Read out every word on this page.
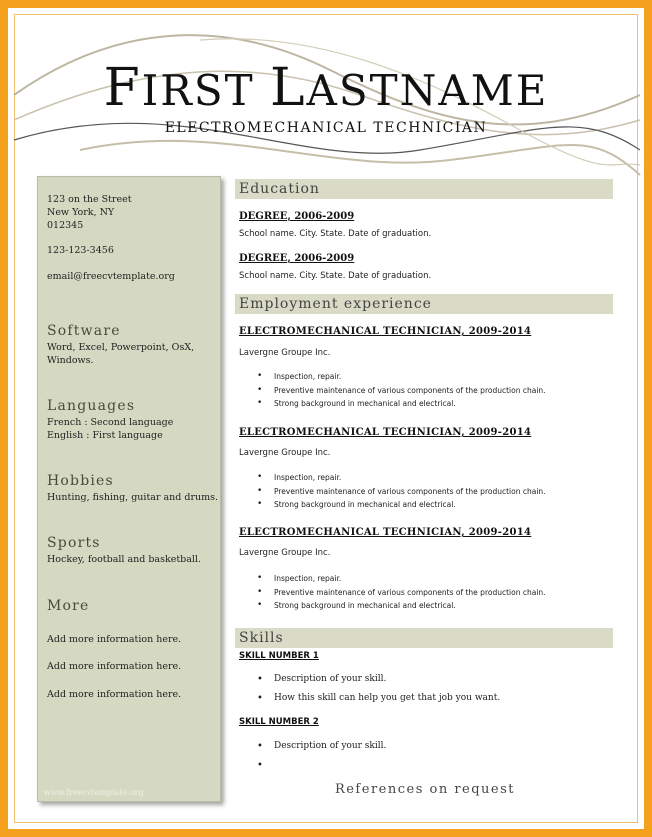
FIRST LASTNAME
ELECTROMECHANICAL TECHNICIAN
123 on the Street
New York, NY
012345
123-123-3456
email@freecvtemplate.org
Software
Word, Excel, Powerpoint, OsX, Windows.
Languages
French : Second language
English : First language
Hobbies
Hunting, fishing, guitar and drums.
Sports
Hockey, football and basketball.
More
Add more information here.
Add more information here.
Add more information here.
www.freecvtemplate.org
Education
DEGREE, 2006-2009
School name. City. State. Date of graduation.
DEGREE, 2006-2009
School name. City. State. Date of graduation.
Employment experience
ELECTROMECHANICAL TECHNICIAN, 2009-2014
Lavergne Groupe Inc.
• Inspection, repair.
• Preventive maintenance of various components of the production chain.
• Strong background in mechanical and electrical.
ELECTROMECHANICAL TECHNICIAN, 2009-2014
Lavergne Groupe Inc.
• Inspection, repair.
• Preventive maintenance of various components of the production chain.
• Strong background in mechanical and electrical.
ELECTROMECHANICAL TECHNICIAN, 2009-2014
Lavergne Groupe Inc.
• Inspection, repair.
• Preventive maintenance of various components of the production chain.
• Strong background in mechanical and electrical.
Skills
SKILL NUMBER 1
• Description of your skill.
• How this skill can help you get that job you want.
SKILL NUMBER 2
• Description of your skill.
References on request
